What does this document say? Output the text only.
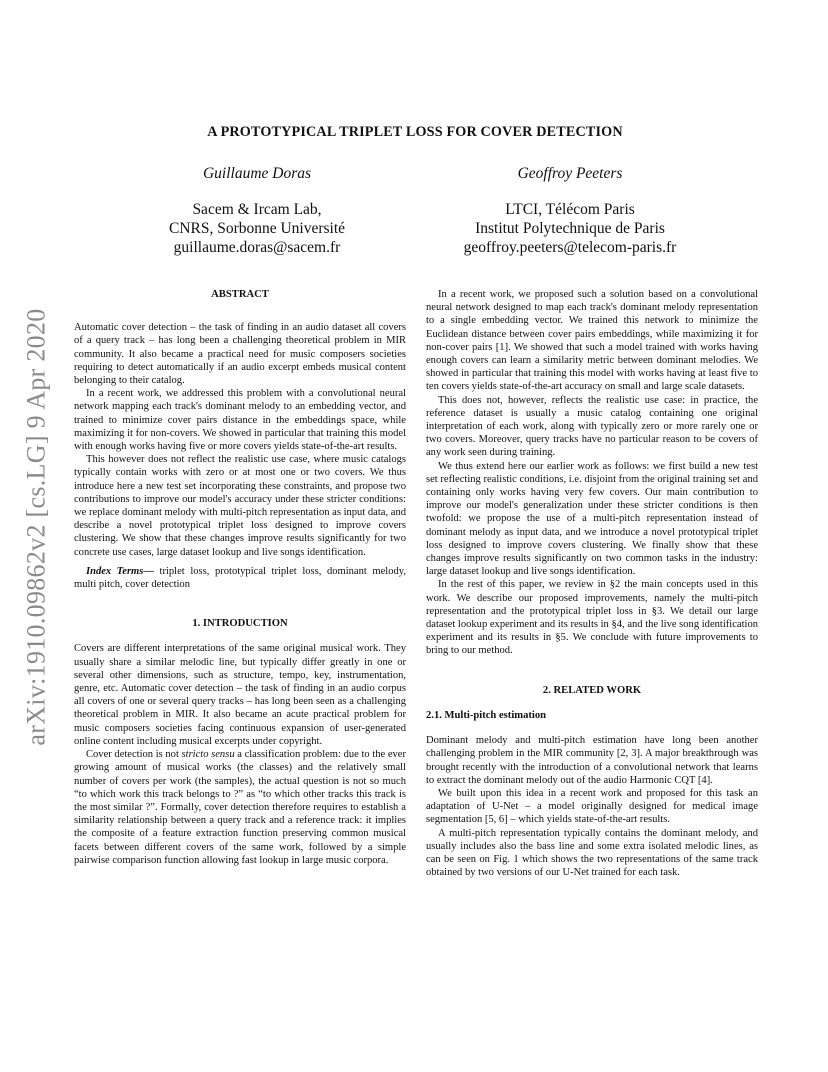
arXiv:1910.09862v2 [cs.LG] 9 Apr 2020
A PROTOTYPICAL TRIPLET LOSS FOR COVER DETECTION
Guillaume Doras
Sacem & Ircam Lab,
CNRS, Sorbonne Université
guillaume.doras@sacem.fr
Geoffroy Peeters
LTCI, Télécom Paris
Institut Polytechnique de Paris
geoffroy.peeters@telecom-paris.fr
ABSTRACT

Automatic cover detection – the task of finding in an audio dataset all covers of a query track – has long been a challenging theoretical problem in MIR community. It also became a practical need for music composers societies requiring to detect automatically if an audio excerpt embeds musical content belonging to their catalog.

In a recent work, we addressed this problem with a convolutional neural network mapping each track's dominant melody to an embedding vector, and trained to minimize cover pairs distance in the embeddings space, while maximizing it for non-covers. We showed in particular that training this model with enough works having five or more covers yields state-of-the-art results.

This however does not reflect the realistic use case, where music catalogs typically contain works with zero or at most one or two covers. We thus introduce here a new test set incorporating these constraints, and propose two contributions to improve our model's accuracy under these stricter conditions: we replace dominant melody with multi-pitch representation as input data, and describe a novel prototypical triplet loss designed to improve covers clustering. We show that these changes improve results significantly for two concrete use cases, large dataset lookup and live songs identification.

Index Terms— triplet loss, prototypical triplet loss, dominant melody, multi pitch, cover detection

1. INTRODUCTION

Covers are different interpretations of the same original musical work. They usually share a similar melodic line, but typically differ greatly in one or several other dimensions, such as structure, tempo, key, instrumentation, genre, etc. Automatic cover detection – the task of finding in an audio corpus all covers of one or several query tracks – has long been seen as a challenging theoretical problem in MIR. It also became an acute practical problem for music composers societies facing continuous expansion of user-generated online content including musical excerpts under copyright.

Cover detection is not stricto sensu a classification problem: due to the ever growing amount of musical works (the classes) and the relatively small number of covers per work (the samples), the actual question is not so much “to which work this track belongs to ?” as “to which other tracks this track is the most similar ?”. Formally, cover detection therefore requires to establish a similarity relationship between a query track and a reference track: it implies the composite of a feature extraction function preserving common musical facets between different covers of the same work, followed by a simple pairwise comparison function allowing fast lookup in large music corpora.

In a recent work, we proposed such a solution based on a convolutional neural network designed to map each track's dominant melody representation to a single embedding vector. We trained this network to minimize the Euclidean distance between cover pairs embeddings, while maximizing it for non-cover pairs [1]. We showed that such a model trained with works having enough covers can learn a similarity metric between dominant melodies. We showed in particular that training this model with works having at least five to ten covers yields state-of-the-art accuracy on small and large scale datasets.

This does not, however, reflects the realistic use case: in practice, the reference dataset is usually a music catalog containing one original interpretation of each work, along with typically zero or more rarely one or two covers. Moreover, query tracks have no particular reason to be covers of any work seen during training.

We thus extend here our earlier work as follows: we first build a new test set reflecting realistic conditions, i.e. disjoint from the original training set and containing only works having very few covers. Our main contribution to improve our model's generalization under these stricter conditions is then twofold: we propose the use of a multi-pitch representation instead of dominant melody as input data, and we introduce a novel prototypical triplet loss designed to improve covers clustering. We finally show that these changes improve results significantly on two common tasks in the industry: large dataset lookup and live songs identification.

In the rest of this paper, we review in §2 the main concepts used in this work. We describe our proposed improvements, namely the multi-pitch representation and the prototypical triplet loss in §3. We detail our large dataset lookup experiment and its results in §4, and the live song identification experiment and its results in §5. We conclude with future improvements to bring to our method.

2. RELATED WORK
2.1. Multi-pitch estimation

Dominant melody and multi-pitch estimation have long been another challenging problem in the MIR community [2, 3]. A major breakthrough was brought recently with the introduction of a convolutional network that learns to extract the dominant melody out of the audio Harmonic CQT [4].

We built upon this idea in a recent work and proposed for this task an adaptation of U-Net – a model originally designed for medical image segmentation [5, 6] – which yields state-of-the-art results.

A multi-pitch representation typically contains the dominant melody, and usually includes also the bass line and some extra isolated melodic lines, as can be seen on Fig. 1 which shows the two representations of the same track obtained by two versions of our U-Net trained for each task.
